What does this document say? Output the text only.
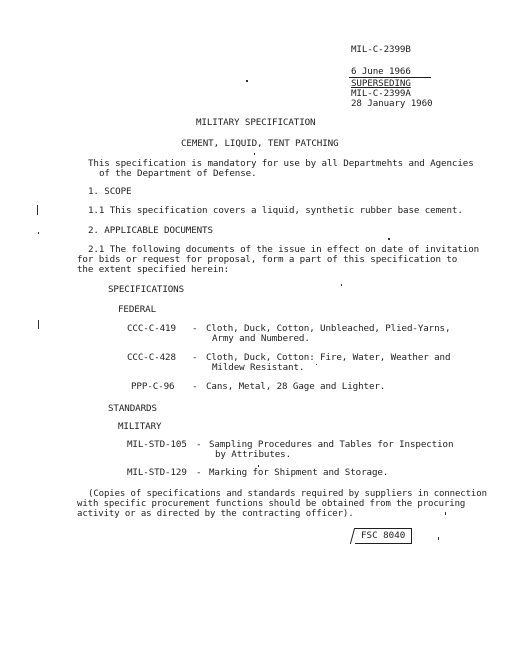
MIL-C-2399B
6 June 1966
SUPERSEDING
MIL-C-2399A
28 January 1960
MILITARY SPECIFICATION
CEMENT, LIQUID, TENT PATCHING
This specification is mandatory for use by all Departmehts and Agencies
of the Department of Defense.
1. SCOPE
1.1 This specification covers a liquid, synthetic rubber base cement.
2. APPLICABLE DOCUMENTS
2.1 The following documents of the issue in effect on date of invitation
for bids or request for proposal, form a part of this specification to
the extent specified herein:
SPECIFICATIONS
FEDERAL
CCC-C-419 - Cloth, Duck, Cotton, Unbleached, Plied-Yarns,
Army and Numbered.
CCC-C-428 - Cloth, Duck, Cotton: Fire, Water, Weather and
Mildew Resistant.
PPP-C-96 - Cans, Metal, 28 Gage and Lighter.
STANDARDS
MILITARY
MIL-STD-105 - Sampling Procedures and Tables for Inspection
by Attributes.
MIL-STD-129 - Marking for Shipment and Storage.
(Copies of specifications and standards required by suppliers in connection
with specific procurement functions should be obtained from the procuring
activity or as directed by the contracting officer).
FSC 8040
